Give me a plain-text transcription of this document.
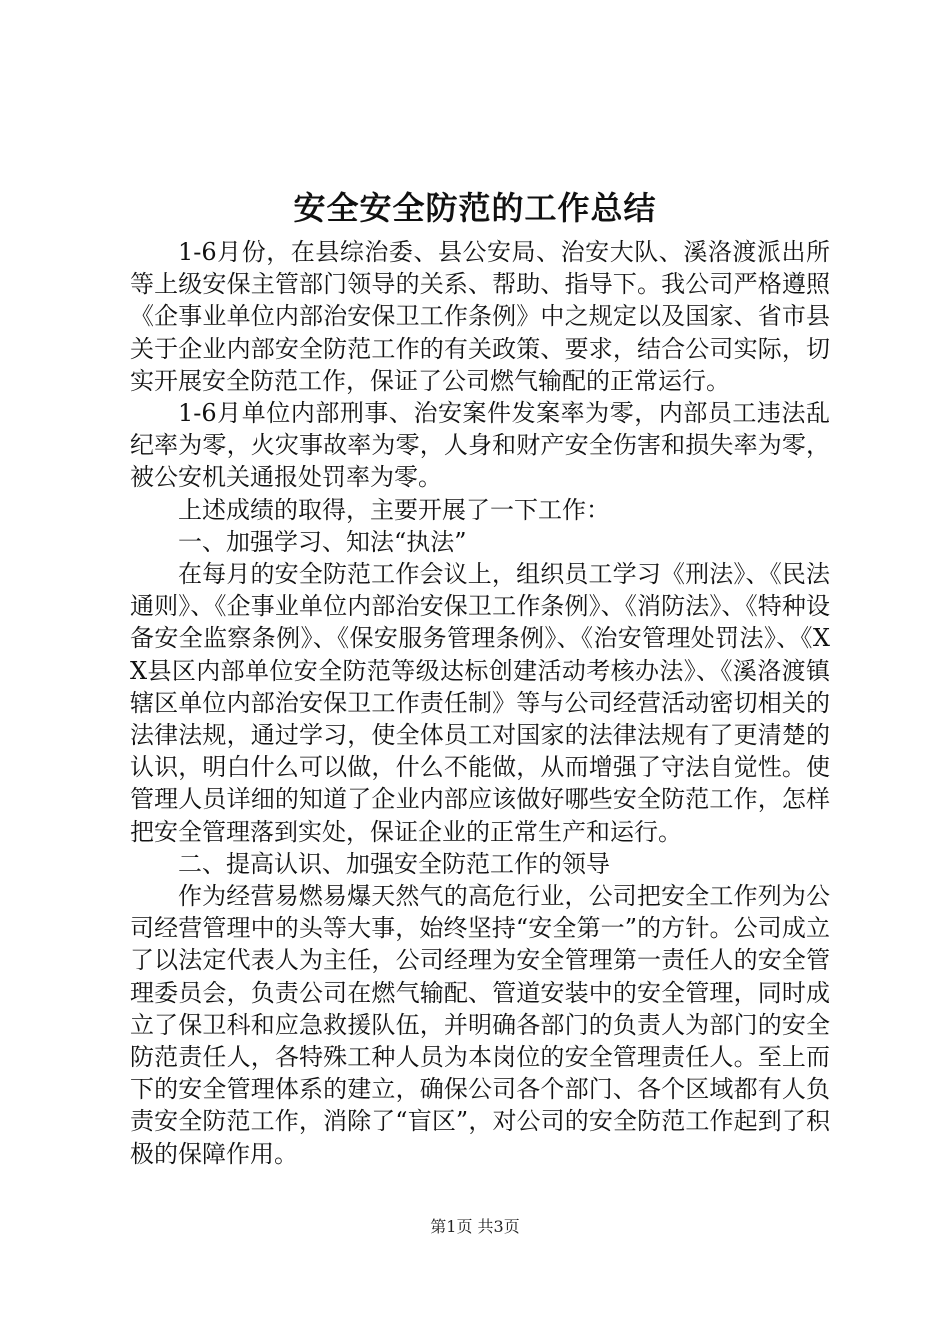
安全安全防范的工作总结

1-6月份，在县综治委、县公安局、治安大队、溪洛渡派出所等上级安保主管部门领导的关系、帮助、指导下。我公司严格遵照《企事业单位内部治安保卫工作条例》中之规定以及国家、省市县关于企业内部安全防范工作的有关政策、要求，结合公司实际，切实开展安全防范工作，保证了公司燃气输配的正常运行。

1-6月单位内部刑事、治安案件发案率为零，内部员工违法乱纪率为零，火灾事故率为零，人身和财产安全伤害和损失率为零，被公安机关通报处罚率为零。

上述成绩的取得，主要开展了一下工作：

一、加强学习、知法“执法”

在每月的安全防范工作会议上，组织员工学习《刑法》、《民法通则》、《企事业单位内部治安保卫工作条例》、《消防法》、《特种设备安全监察条例》、《保安服务管理条例》、《治安管理处罚法》、《XX县区内部单位安全防范等级达标创建活动考核办法》、《溪洛渡镇辖区单位内部治安保卫工作责任制》等与公司经营活动密切相关的法律法规，通过学习，使全体员工对国家的法律法规有了更清楚的认识，明白什么可以做，什么不能做，从而增强了守法自觉性。使管理人员详细的知道了企业内部应该做好哪些安全防范工作，怎样把安全管理落到实处，保证企业的正常生产和运行。

二、提高认识、加强安全防范工作的领导

作为经营易燃易爆天然气的高危行业，公司把安全工作列为公司经营管理中的头等大事，始终坚持“安全第一”的方针。公司成立了以法定代表人为主任，公司经理为安全管理第一责任人的安全管理委员会，负责公司在燃气输配、管道安装中的安全管理，同时成立了保卫科和应急救援队伍，并明确各部门的负责人为部门的安全防范责任人，各特殊工种人员为本岗位的安全管理责任人。至上而下的安全管理体系的建立，确保公司各个部门、各个区域都有人负责安全防范工作，消除了“盲区”，对公司的安全防范工作起到了积极的保障作用。

第1页 共3页
